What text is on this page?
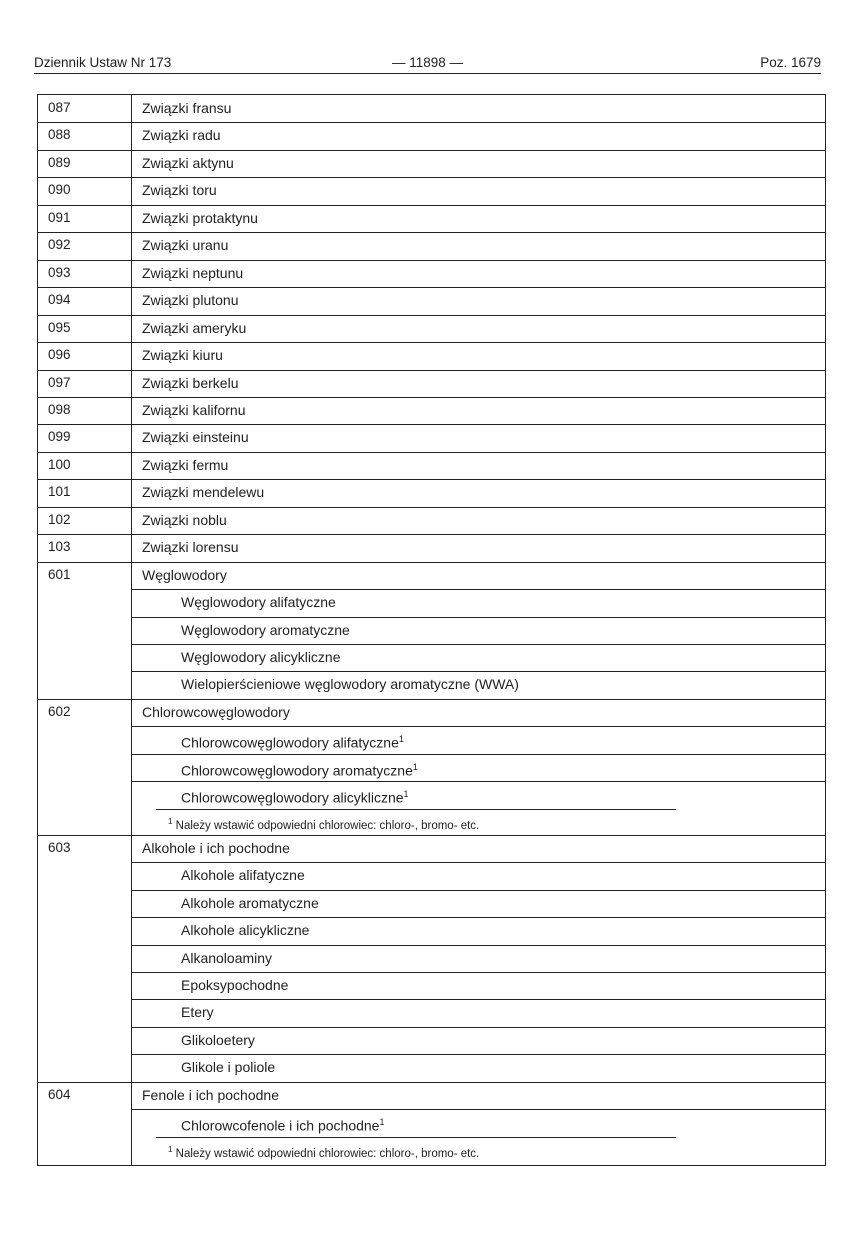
Dziennik Ustaw Nr 173	— 11898 —	Poz. 1679
087	Związki fransu
088	Związki radu
089	Związki aktynu
090	Związki toru
091	Związki protaktynu
092	Związki uranu
093	Związki neptunu
094	Związki plutonu
095	Związki ameryku
096	Związki kiuru
097	Związki berkelu
098	Związki kalifornu
099	Związki einsteinu
100	Związki fermu
101	Związki mendelewu
102	Związki noblu
103	Związki lorensu
601	Węglowodory
Węglowodory alifatyczne
Węglowodory aromatyczne
Węglowodory alicykliczne
Wielopierścieniowe węglowodory aromatyczne (WWA)
602	Chlorowcowęglowodory
Chlorowcowęglowodory alifatyczne$^1$
Chlorowcowęglowodory aromatyczne$^1$
Chlorowcowęglowodory alicykliczne$^1$
$^1$ Należy wstawić odpowiedni chlorowiec: chloro-, bromo- etc.
603	Alkohole i ich pochodne
Alkohole alifatyczne
Alkohole aromatyczne
Alkohole alicykliczne
Alkanoloaminy
Epoksypochodne
Etery
Glikoloetery
Glikole i poliole
604	Fenole i ich pochodne
Chlorowcofenole i ich pochodne$^1$
$^1$ Należy wstawić odpowiedni chlorowiec: chloro-, bromo- etc.
